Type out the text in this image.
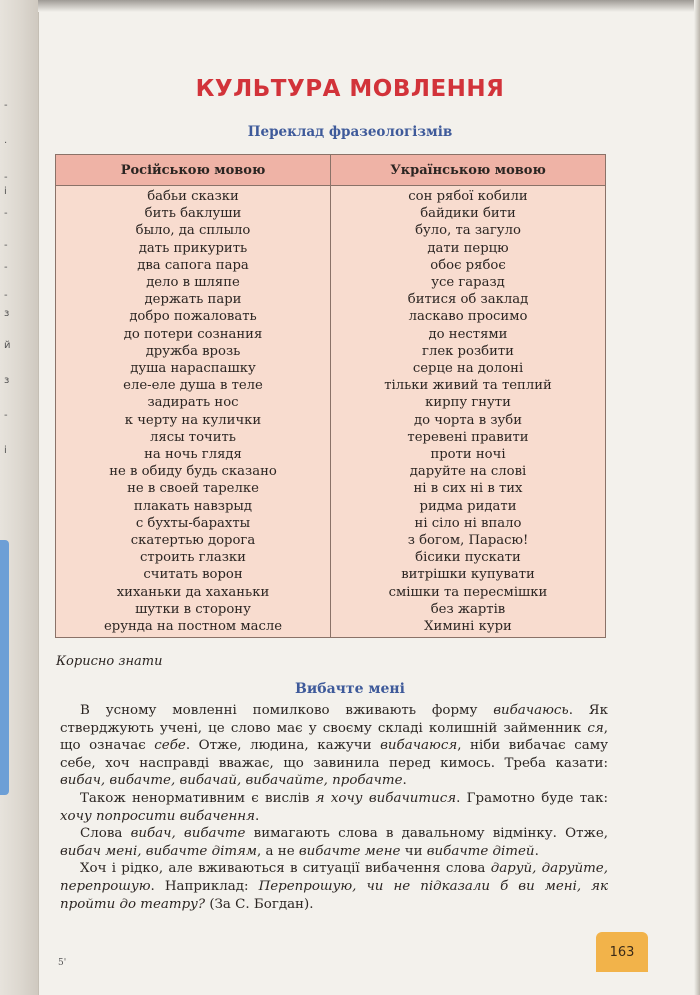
-
.
-
і
-
-
-
-
з
й
з
-
і
КУЛЬТУРА МОВЛЕННЯ
Переклад фразеологізмів
Російською мовою	Українською мовою
бабьи сказки
бить баклуши
было, да сплыло
дать прикурить
два сапога пара
дело в шляпе
держать пари
добро пожаловать
до потери сознания
дружба врозь
душа нараспашку
еле-еле душа в теле
задирать нос
к черту на кулички
лясы точить
на ночь глядя
не в обиду будь сказано
не в своей тарелке
плакать навзрыд
с бухты-барахты
скатертью дорога
строить глазки
считать ворон
хиханьки да хаханьки
шутки в сторону
ерунда на постном масле
сон рябої кобили
байдики бити
було, та загуло
дати перцю
обоє рябоє
усе гаразд
битися об заклад
ласкаво просимо
до нестями
глек розбити
серце на долоні
тільки живий та теплий
кирпу гнути
до чорта в зуби
теревені правити
проти ночі
даруйте на слові
ні в сих ні в тих
ридма ридати
ні сіло ні впало
з богом, Парасю!
бісики пускати
витрішки купувати
смішки та пересмішки
без жартів
Химині кури
Корисно знати
Вибачте мені

В усному мовленні помилково вживають форму вибачаюсь. Як стверджують учені, це слово має у своєму складі колишній займенник ся, що означає себе. Отже, людина, кажучи вибачаюся, ніби вибачає саму себе, хоч насправді вважає, що завинила перед кимось. Треба казати: вибач, вибачте, вибачай, вибачайте, пробачте.

Також ненормативним є вислів я хочу вибачитися. Грамотно буде так: хочу попросити вибачення.

Слова вибач, вибачте вимагають слова в давальному відмінку. Отже, вибач мені, вибачте дітям, а не вибачте мене чи вибачте дітей.

Хоч і рідко, але вживаються в ситуації вибачення слова даруй, даруйте, перепрошую. Наприклад: Перепрошую, чи не підказали б ви мені, як пройти до театру? (За С. Богдан).

163
5'
